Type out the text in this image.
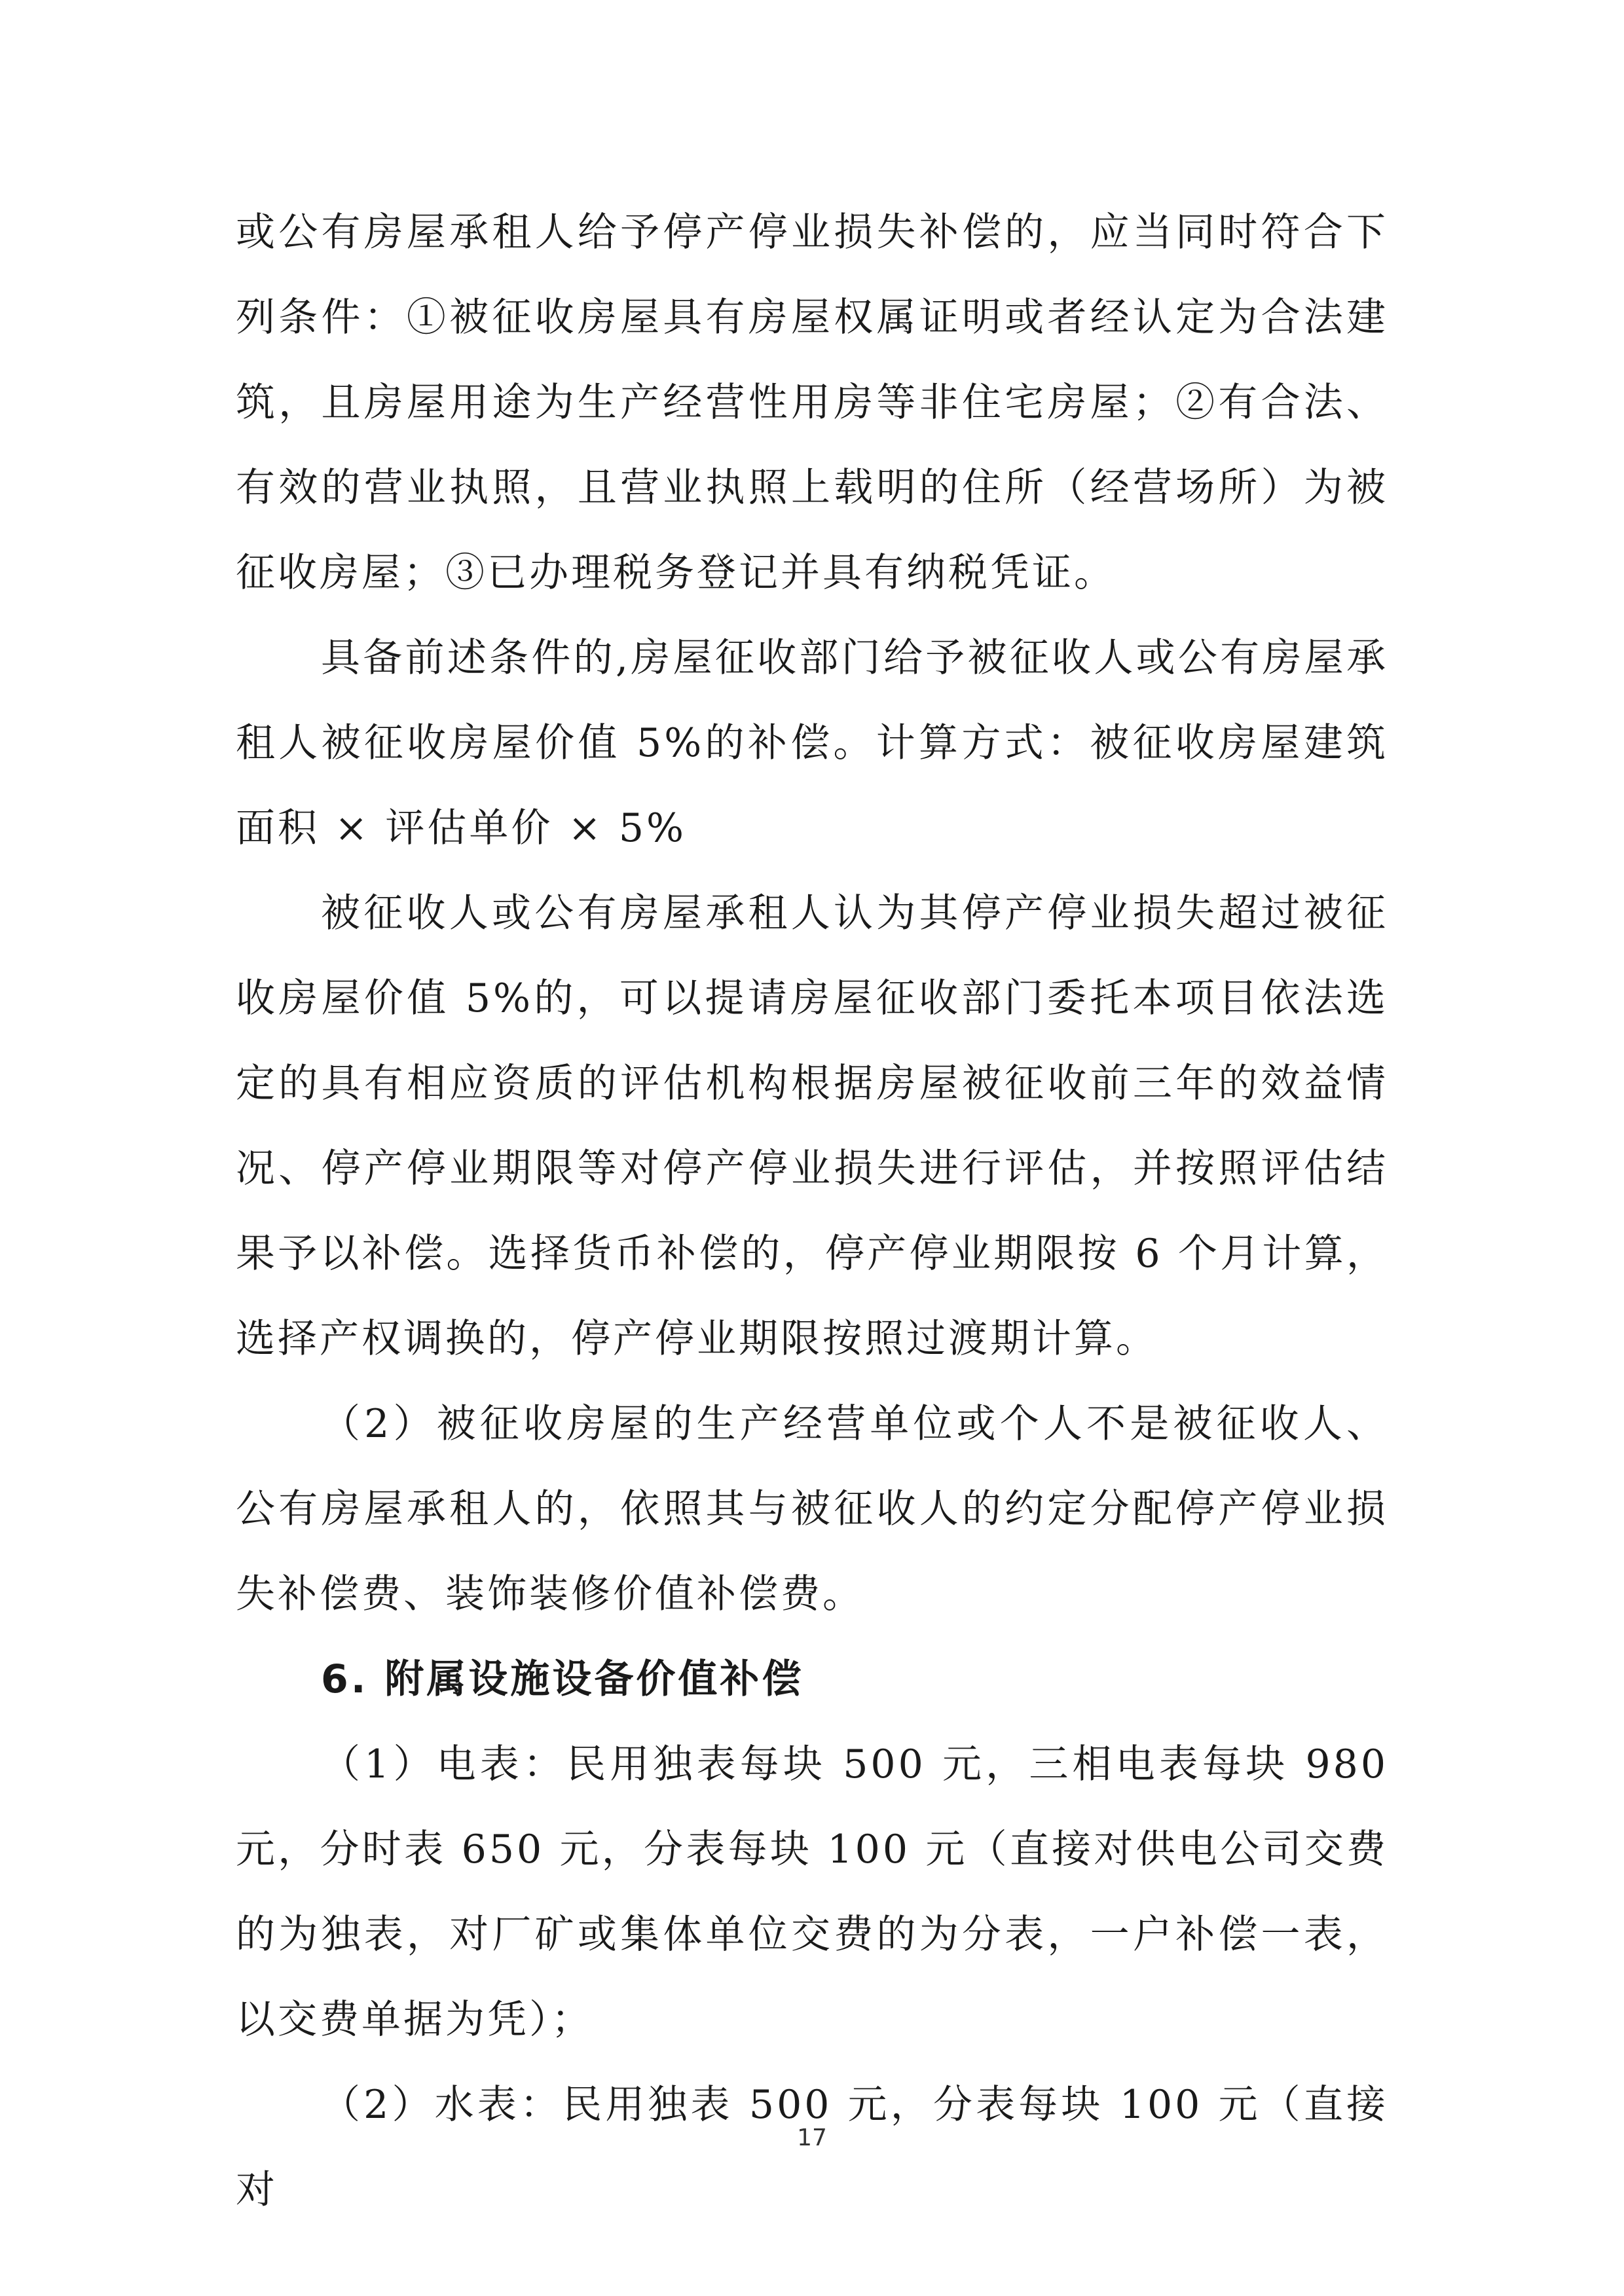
或公有房屋承租人给予停产停业损失补偿的，应当同时符合下列条件：①被征收房屋具有房屋权属证明或者经认定为合法建筑，且房屋用途为生产经营性用房等非住宅房屋；②有合法、有效的营业执照，且营业执照上载明的住所（经营场所）为被征收房屋；③已办理税务登记并具有纳税凭证。

具备前述条件的,房屋征收部门给予被征收人或公有房屋承租人被征收房屋价值 5%的补偿。计算方式：被征收房屋建筑面积 × 评估单价 × 5%

被征收人或公有房屋承租人认为其停产停业损失超过被征收房屋价值 5%的，可以提请房屋征收部门委托本项目依法选定的具有相应资质的评估机构根据房屋被征收前三年的效益情况、停产停业期限等对停产停业损失进行评估，并按照评估结果予以补偿。选择货币补偿的，停产停业期限按 6 个月计算，选择产权调换的，停产停业期限按照过渡期计算。

（2）被征收房屋的生产经营单位或个人不是被征收人、公有房屋承租人的，依照其与被征收人的约定分配停产停业损失补偿费、装饰装修价值补偿费。

6. 附属设施设备价值补偿

（1）电表：民用独表每块 500 元，三相电表每块 980 元，分时表 650 元，分表每块 100 元（直接对供电公司交费的为独表，对厂矿或集体单位交费的为分表，一户补偿一表，以交费单据为凭）；

（2）水表：民用独表 500 元，分表每块 100 元（直接对

17
